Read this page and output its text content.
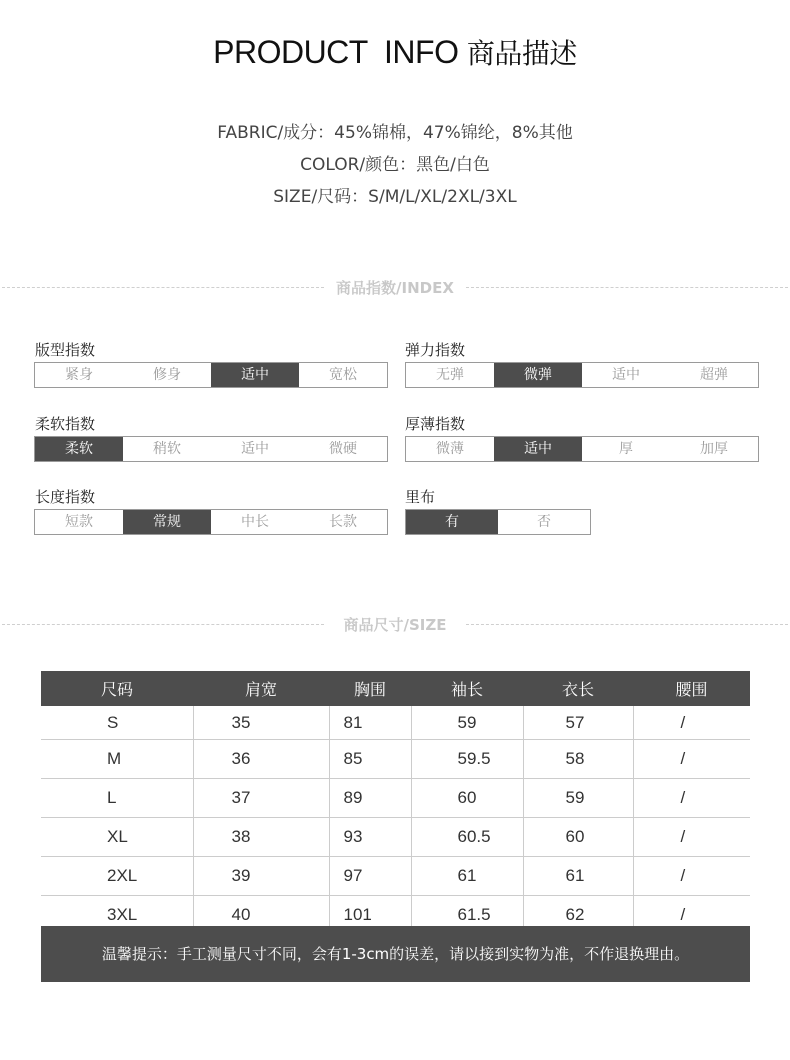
PRODUCT  INFO 商品描述
FABRIC/成分：45%锦棉，47%锦纶，8%其他
COLOR/颜色：黑色/白色
SIZE/尺码：S/M/L/XL/2XL/3XL
商品指数/INDEX
版型指数
紧身	修身	适中	宽松
弹力指数
无弹	微弹	适中	超弹
柔软指数
柔软	稍软	适中	微硬
厚薄指数
微薄	适中	厚	加厚
长度指数
短款	常规	中长	长款
里布
有	否
商品尺寸/SIZE
尺码	肩宽	胸围	袖长	衣长	腰围
S	35	81	59	57	/
M	36	85	59.5	58	/
L	37	89	60	59	/
XL	38	93	60.5	60	/
2XL	39	97	61	61	/
3XL	40	101	61.5	62	/
温馨提示：手工测量尺寸不同，会有1-3cm的误差，请以接到实物为准，不作退换理由。
